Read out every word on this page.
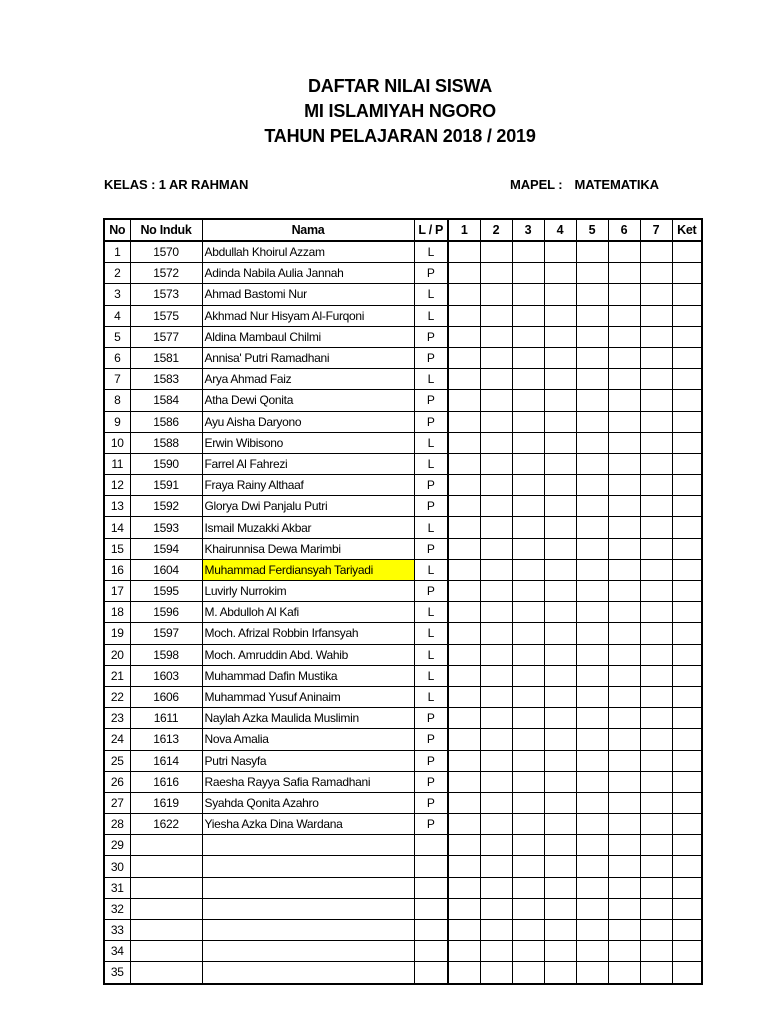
DAFTAR NILAI SISWA
MI ISLAMIYAH NGORO
TAHUN PELAJARAN 2018 / 2019
KELAS : 1 AR RAHMAN	MAPEL : MATEMATIKA
No	No Induk	Nama	L / P	1	2	3	4	5	6	7	Ket
1	1570	Abdullah Khoirul Azzam	L								
2	1572	Adinda Nabila Aulia Jannah	P								
3	1573	Ahmad Bastomi Nur	L								
4	1575	Akhmad Nur Hisyam Al-Furqoni	L								
5	1577	Aldina Mambaul Chilmi	P								
6	1581	Annisa' Putri Ramadhani	P								
7	1583	Arya Ahmad Faiz	L								
8	1584	Atha Dewi Qonita	P								
9	1586	Ayu Aisha Daryono	P								
10	1588	Erwin Wibisono	L								
11	1590	Farrel Al Fahrezi	L								
12	1591	Fraya Rainy Althaaf	P								
13	1592	Glorya Dwi Panjalu Putri	P								
14	1593	Ismail Muzakki Akbar	L								
15	1594	Khairunnisa Dewa Marimbi	P								
16	1604	Muhammad Ferdiansyah Tariyadi	L								
17	1595	Luvirly Nurrokim	P								
18	1596	M. Abdulloh Al Kafi	L								
19	1597	Moch. Afrizal Robbin Irfansyah	L								
20	1598	Moch. Amruddin Abd. Wahib	L								
21	1603	Muhammad Dafin Mustika	L								
22	1606	Muhammad Yusuf Aninaim	L								
23	1611	Naylah Azka Maulida Muslimin	P								
24	1613	Nova Amalia	P								
25	1614	Putri Nasyfa	P								
26	1616	Raesha Rayya Safia Ramadhani	P								
27	1619	Syahda Qonita Azahro	P								
28	1622	Yiesha Azka Dina Wardana	P								
29											
30											
31											
32											
33											
34											
35											
